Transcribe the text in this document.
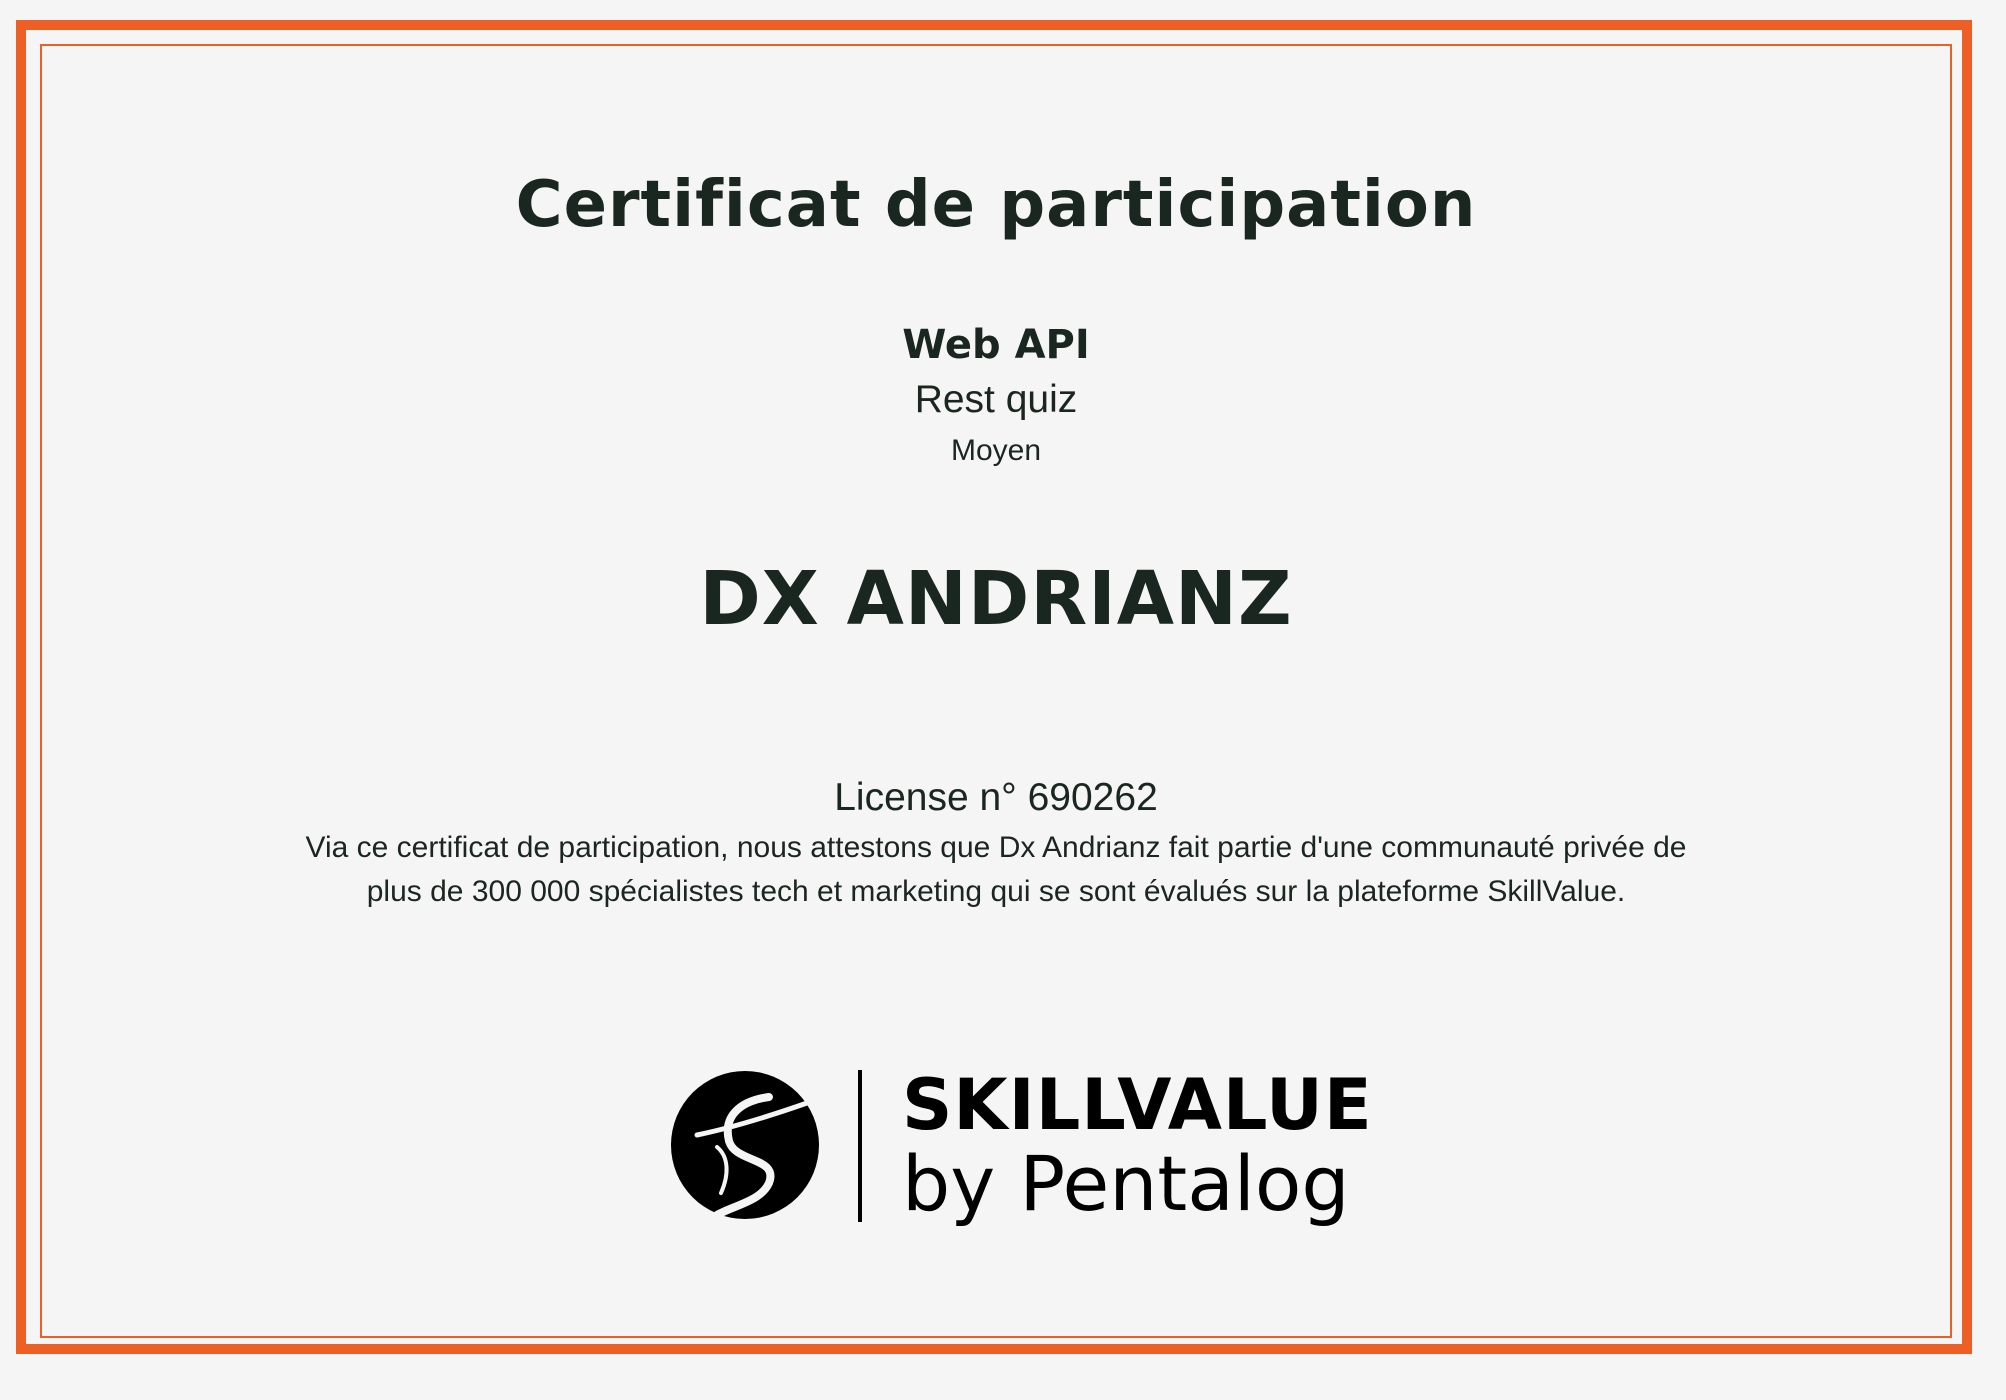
Certificat de participation
Web API
Rest quiz
Moyen
DX ANDRIANZ
License n° 690262
Via ce certificat de participation, nous attestons que Dx Andrianz fait partie d'une communauté privée de plus de 300 000 spécialistes tech et marketing qui se sont évalués sur la plateforme SkillValue.
SKILLVALUE
by Pentalog
